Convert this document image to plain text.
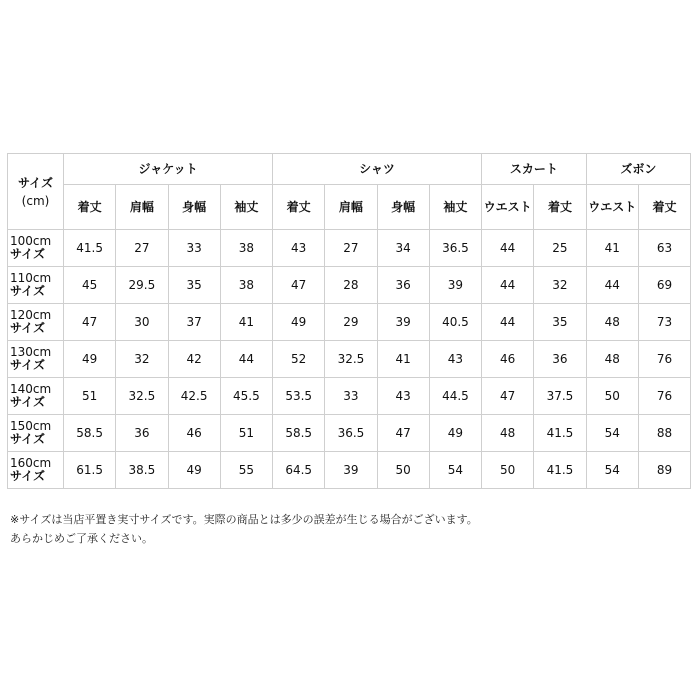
サイズ
(cm)	ジャケット				シャツ				スカート		ズボン	
	着丈	肩幅	身幅	袖丈	着丈	肩幅	身幅	袖丈	ウエスト	着丈	ウエスト	着丈
100cmサイズ	41.5	27	33	38	43	27	34	36.5	44	25	41	63
110cmサイズ	45	29.5	35	38	47	28	36	39	44	32	44	69
120cmサイズ	47	30	37	41	49	29	39	40.5	44	35	48	73
130cmサイズ	49	32	42	44	52	32.5	41	43	46	36	48	76
140cmサイズ	51	32.5	42.5	45.5	53.5	33	43	44.5	47	37.5	50	76
150cmサイズ	58.5	36	46	51	58.5	36.5	47	49	48	41.5	54	88
160cmサイズ	61.5	38.5	49	55	64.5	39	50	54	50	41.5	54	89
※サイズは当店平置き実寸サイズです。実際の商品とは多少の誤差が生じる場合がございます。
あらかじめご了承ください。
